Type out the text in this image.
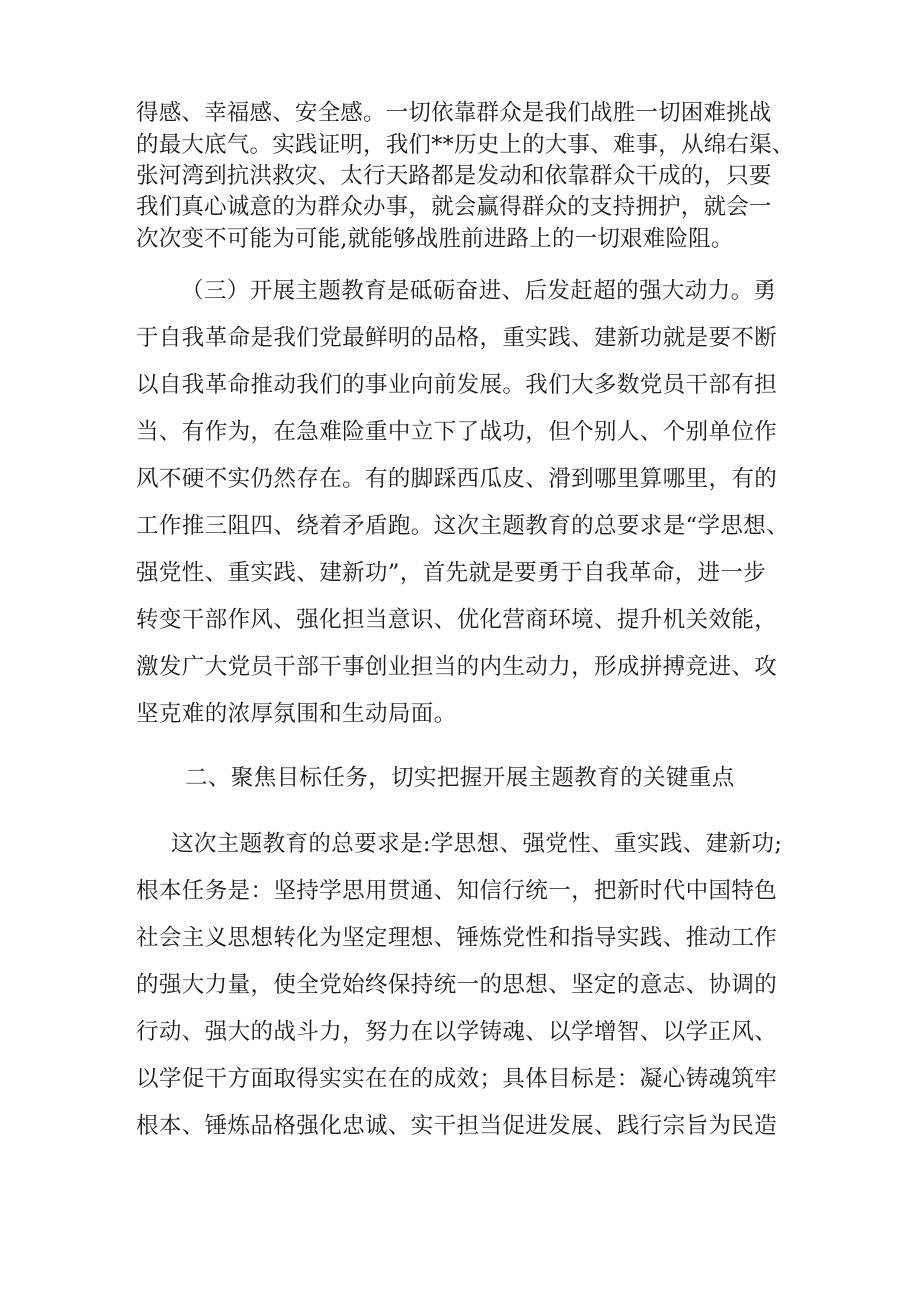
得感、幸福感、安全感。一切依靠群众是我们战胜一切困难挑战

的最大底气。实践证明，我们**历史上的大事、难事，从绵右渠、

张河湾到抗洪救灾、太行天路都是发动和依靠群众干成的，只要

我们真心诚意的为群众办事，就会赢得群众的支持拥护，就会一

次次变不可能为可能,就能够战胜前进路上的一切艰难险阻。

（三）开展主题教育是砥砺奋进、后发赶超的强大动力。勇

于自我革命是我们党最鲜明的品格，重实践、建新功就是要不断

以自我革命推动我们的事业向前发展。我们大多数党员干部有担

当、有作为，在急难险重中立下了战功，但个别人、个别单位作

风不硬不实仍然存在。有的脚踩西瓜皮、滑到哪里算哪里，有的

工作推三阻四、绕着矛盾跑。这次主题教育的总要求是“学思想、

强党性、重实践、建新功”，首先就是要勇于自我革命，进一步

转变干部作风、强化担当意识、优化营商环境、提升机关效能，

激发广大党员干部干事创业担当的内生动力，形成拼搏竞进、攻

坚克难的浓厚氛围和生动局面。

二、聚焦目标任务，切实把握开展主题教育的关键重点

这次主题教育的总要求是:学思想、强党性、重实践、建新功;

根本任务是：坚持学思用贯通、知信行统一，把新时代中国特色

社会主义思想转化为坚定理想、锤炼党性和指导实践、推动工作

的强大力量，使全党始终保持统一的思想、坚定的意志、协调的

行动、强大的战斗力，努力在以学铸魂、以学增智、以学正风、

以学促干方面取得实实在在的成效；具体目标是：凝心铸魂筑牢

根本、锤炼品格强化忠诚、实干担当促进发展、践行宗旨为民造
